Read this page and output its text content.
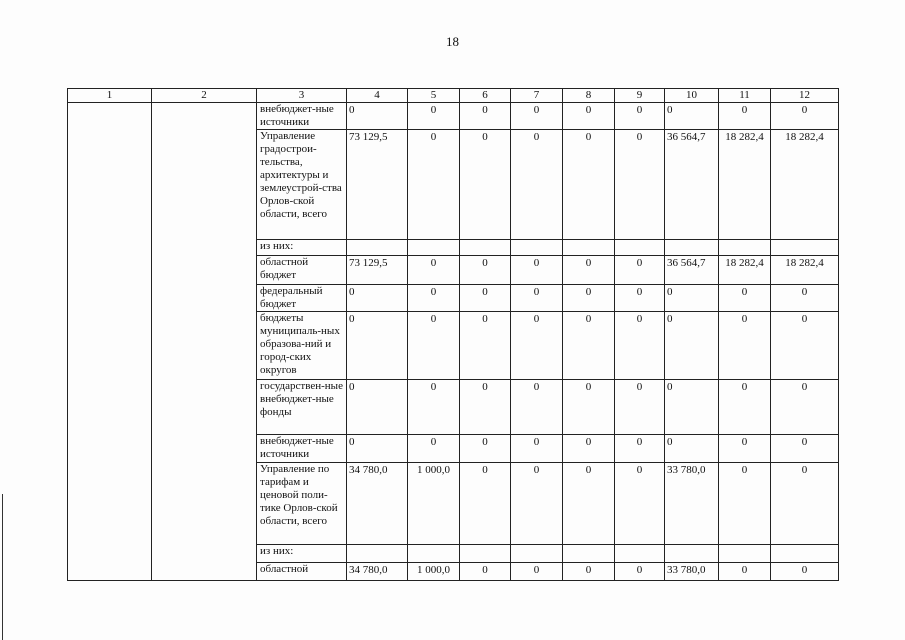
18
1	2	3	4	5	6	7	8	9	10	11	12
		внебюджет-ные источники	0	0	0	0	0	0	0	0	0
		Управление градострои-тельства, архитектуры и землеустрой-ства Орлов-ской области, всего	73 129,5	0	0	0	0	0	36 564,7	18 282,4	18 282,4
		из них:									
		областной бюджет	73 129,5	0	0	0	0	0	36 564,7	18 282,4	18 282,4
		федеральный бюджет	0	0	0	0	0	0	0	0	0
		бюджеты муниципаль-ных образова-ний и город-ских округов	0	0	0	0	0	0	0	0	0
		государствен-ные внебюджет-ные фонды	0	0	0	0	0	0	0	0	0
		внебюджет-ные источники	0	0	0	0	0	0	0	0	0
		Управление по тарифам и ценовой поли-тике Орлов-ской области, всего	34 780,0	1 000,0	0	0	0	0	33 780,0	0	0
		из них:									
		областной	34 780,0	1 000,0	0	0	0	0	33 780,0	0	0
